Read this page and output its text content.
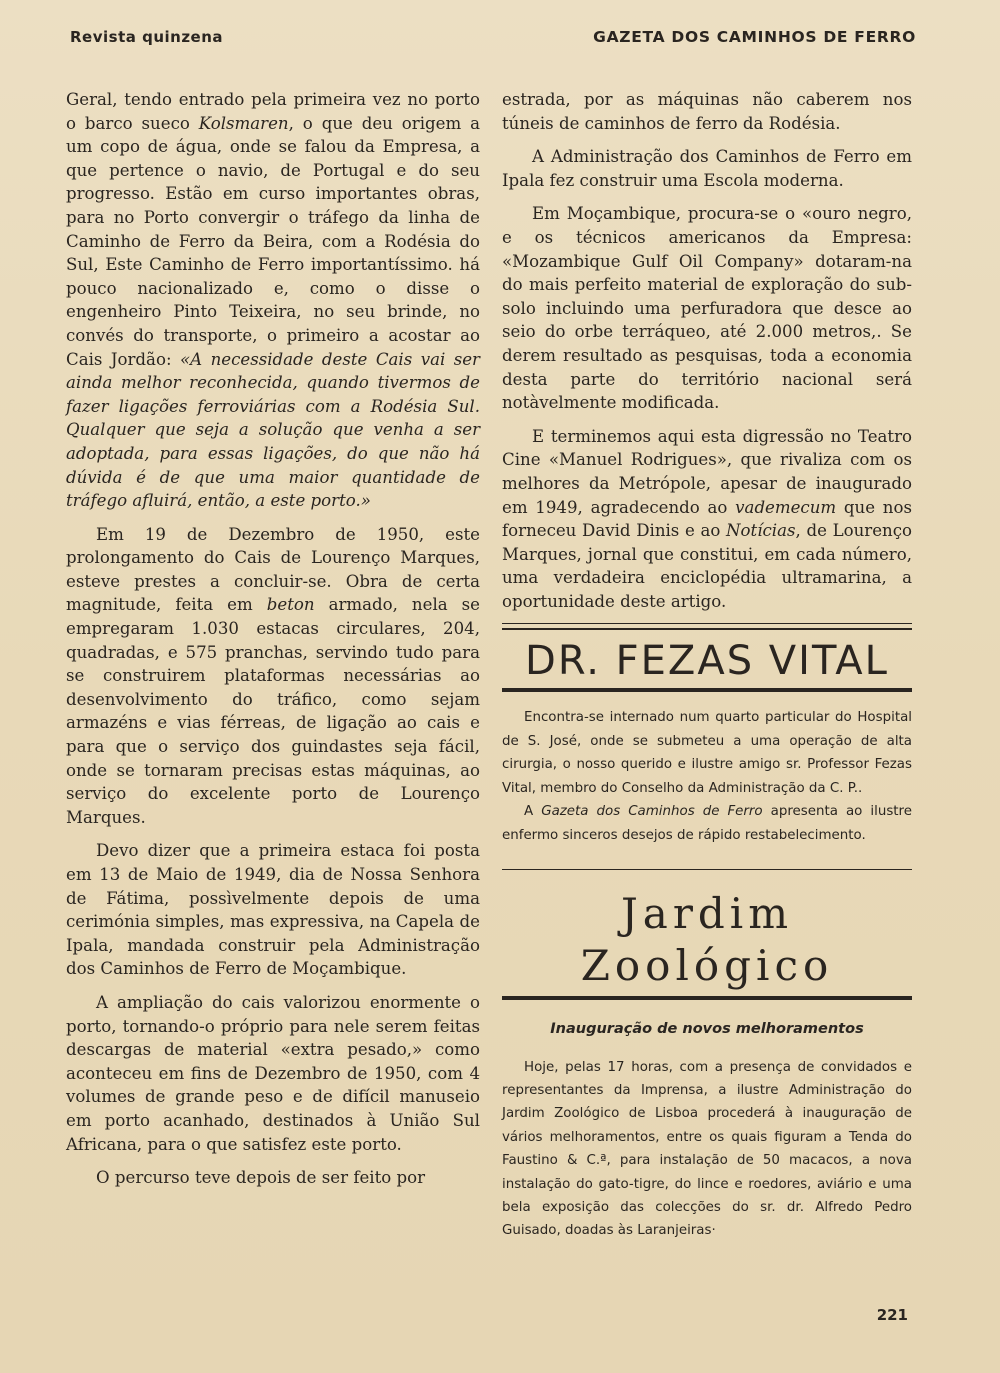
Revista quinzena	GAZETA DOS CAMINHOS DE FERRO

Geral, tendo entrado pela primeira vez no porto o barco sueco Kolsmaren, o que deu origem a um copo de água, onde se falou da Empresa, a que pertence o navio, de Portugal e do seu progresso. Estão em curso importantes obras, para no Porto convergir o tráfego da linha de Caminho de Ferro da Beira, com a Rodésia do Sul, Este Caminho de Ferro importantíssimo. há pouco nacionalizado e, como o disse o engenheiro Pinto Teixeira, no seu brinde, no convés do transporte, o primeiro a acostar ao Cais Jordão: «A necessidade deste Cais vai ser ainda melhor reconhecida, quando tivermos de fazer ligações ferroviárias com a Rodésia Sul. Qualquer que seja a solução que venha a ser adoptada, para essas ligações, do que não há dúvida é de que uma maior quantidade de tráfego afluirá, então, a este porto.»

Em 19 de Dezembro de 1950, este prolongamento do Cais de Lourenço Marques, esteve prestes a concluir-se. Obra de certa magnitude, feita em beton armado, nela se empregaram 1.030 estacas circulares, 204, quadradas, e 575 pranchas, servindo tudo para se construirem plataformas necessárias ao desenvolvimento do tráfico, como sejam armazéns e vias férreas, de ligação ao cais e para que o serviço dos guindastes seja fácil, onde se tornaram precisas estas máquinas, ao serviço do excelente porto de Lourenço Marques.

Devo dizer que a primeira estaca foi posta em 13 de Maio de 1949, dia de Nossa Senhora de Fátima, possìvelmente depois de uma cerimónia simples, mas expressiva, na Capela de Ipala, mandada construir pela Administração dos Caminhos de Ferro de Moçambique.

A ampliação do cais valorizou enormente o porto, tornando-o próprio para nele serem feitas descargas de material «extra pesado,» como aconteceu em fins de Dezembro de 1950, com 4 volumes de grande peso e de difícil manuseio em porto acanhado, destinados à União Sul Africana, para o que satisfez este porto.

O percurso teve depois de ser feito por

estrada, por as máquinas não caberem nos túneis de caminhos de ferro da Rodésia.

A Administração dos Caminhos de Ferro em Ipala fez construir uma Escola moderna.

Em Moçambique, procura-se o «ouro negro, e os técnicos americanos da Empresa: «Mozambique Gulf Oil Company» dotaram-na do mais perfeito material de exploração do sub-solo incluindo uma perfuradora que desce ao seio do orbe terráqueo, até 2.000 metros,. Se derem resultado as pesquisas, toda a economia desta parte do território nacional será notàvelmente modificada.

E terminemos aqui esta digressão no Teatro Cine «Manuel Rodrigues», que rivaliza com os melhores da Metrópole, apesar de inaugurado em 1949, agradecendo ao vademecum que nos forneceu David Dinis e ao Notícias, de Lourenço Marques, jornal que constitui, em cada número, uma verdadeira enciclopédia ultramarina, a oportunidade deste artigo.

DR. FEZAS VITAL

Encontra-se internado num quarto particular do Hospital de S. José, onde se submeteu a uma operação de alta cirurgia, o nosso querido e ilustre amigo sr. Professor Fezas Vital, membro do Conselho da Administração da C. P..

A Gazeta dos Caminhos de Ferro apresenta ao ilustre enfermo sinceros desejos de rápido restabelecimento.

Jardim Zoológico
Inauguração de novos melhoramentos

Hoje, pelas 17 horas, com a presença de convidados e representantes da Imprensa, a ilustre Administração do Jardim Zoológico de Lisboa procederá à inauguração de vários melhoramentos, entre os quais figuram a Tenda do Faustino & C.ª, para instalação de 50 macacos, a nova instalação do gato-tigre, do lince e roedores, aviário e uma bela exposição das colecções do sr. dr. Alfredo Pedro Guisado, doadas às Laranjeiras·

221
